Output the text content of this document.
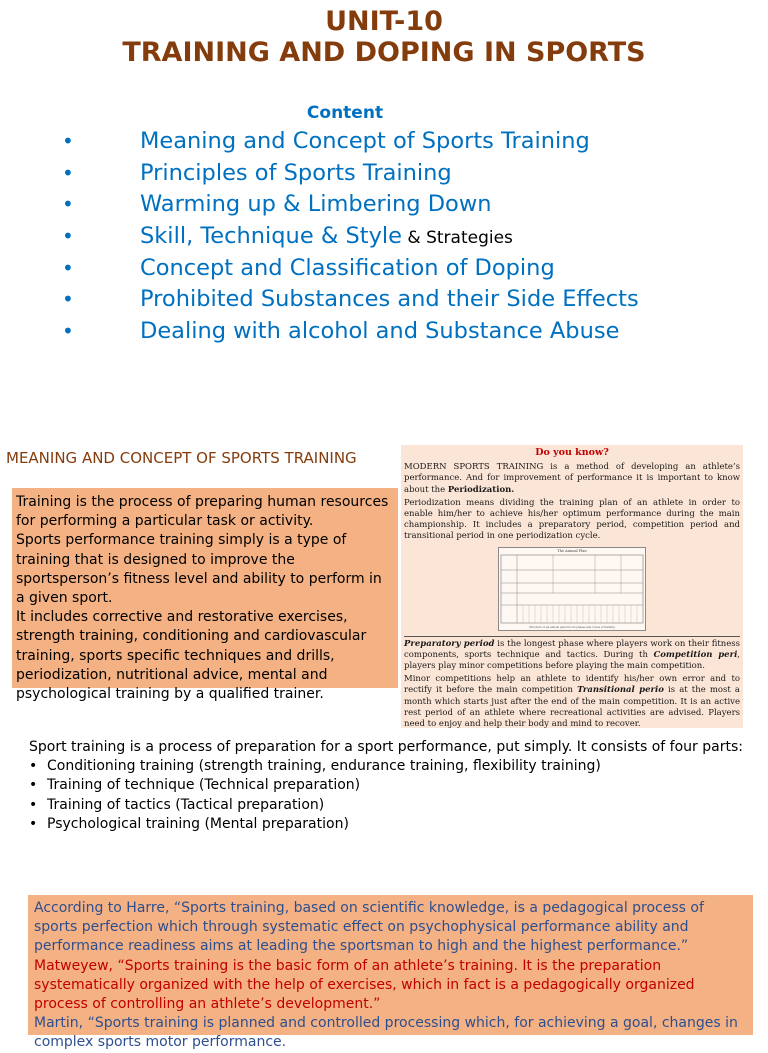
UNIT-10
TRAINING AND DOPING IN SPORTS
Content
•	Meaning and Concept of Sports Training
•	Principles of Sports Training
•	Warming up & Limbering Down
•	Skill, Technique & Style & Strategies
•	Concept and Classification of Doping
•	Prohibited Substances and their Side Effects
•	Dealing with alcohol and Substance Abuse
MEANING AND CONCEPT OF SPORTS TRAINING

Training is the process of preparing human resources for performing a particular task or activity.

Sports performance training simply is a type of training that is designed to improve the sportsperson’s fitness level and ability to perform in a given sport.

It includes corrective and restorative exercises, strength training, conditioning and cardiovascular training, sports specific techniques and drills, periodization, nutritional advice, mental and psychological training by a qualified trainer.

Do you know?

MODERN SPORTS TRAINING is a method of developing an athlete’s performance. And for improvement of performance it is important to know about the Periodization.

Periodization means dividing the training plan of an athlete in order to enable him/her to achieve his/her optimum performance during the main championship. It includes a preparatory period, competition period and transitional period in one periodization cycle.

The Annual Plan
Structure of an annual plan into its phases and cycles of training

Preparatory period is the longest phase where players work on their fitness components, sports technique and tactics. During th Competition peri, players play minor competitions before playing the main competition.

Minor competitions help an athlete to identify his/her own error and to rectify it before the main competition Transitional perio is at the most a month which starts just after the end of the main competition. It is an active rest period of an athlete where recreational activities are advised. Players need to enjoy and help their body and mind to recover.

Sport training is a process of preparation for a sport performance, put simply. It consists of four parts:

• Conditioning training (strength training, endurance training, flexibility training)
• Training of technique (Technical preparation)
• Training of tactics (Tactical preparation)
• Psychological training (Mental preparation)

According to Harre, “Sports training, based on scientific knowledge, is a pedagogical process of sports perfection which through systematic effect on psychophysical performance ability and performance readiness aims at leading the sportsman to high and the highest performance.”

Matweyew, “Sports training is the basic form of an athlete’s training. It is the preparation systematically organized with the help of exercises, which in fact is a pedagogically organized process of controlling an athlete’s development.”

Martin, “Sports training is planned and controlled processing which, for achieving a goal, changes in complex sports motor performance.
